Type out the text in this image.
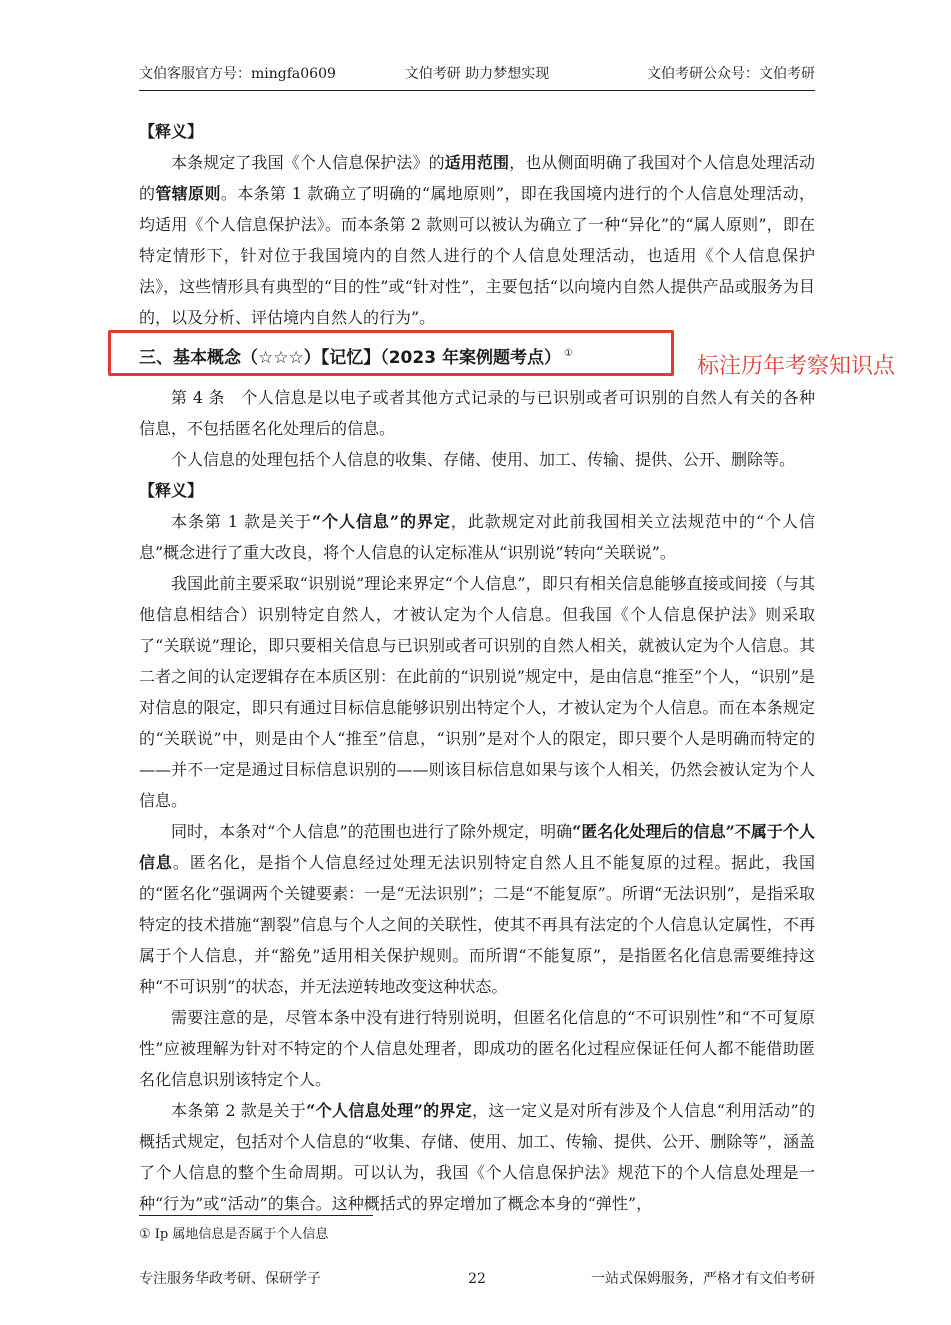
文伯客服官方号：mingfa0609	文伯考研 助力梦想实现	文伯考研公众号：文伯考研

【释义】

本条规定了我国《个人信息保护法》的适用范围，也从侧面明确了我国对个人信息处理活动的管辖原则。本条第 1 款确立了明确的“属地原则”，即在我国境内进行的个人信息处理活动，均适用《个人信息保护法》。而本条第 2 款则可以被认为确立了一种“异化”的“属人原则”，即在特定情形下，针对位于我国境内的自然人进行的个人信息处理活动，也适用《个人信息保护法》，这些情形具有典型的“目的性”或“针对性”，主要包括“以向境内自然人提供产品或服务为目的，以及分析、评估境内自然人的行为”。

三、基本概念（☆☆☆）【记忆】（2023 年案例题考点） ①
标注历年考察知识点

第 4 条　个人信息是以电子或者其他方式记录的与已识别或者可识别的自然人有关的各种信息，不包括匿名化处理后的信息。

个人信息的处理包括个人信息的收集、存储、使用、加工、传输、提供、公开、删除等。

【释义】

本条第 1 款是关于“个人信息”的界定，此款规定对此前我国相关立法规范中的“个人信息”概念进行了重大改良，将个人信息的认定标准从“识别说”转向“关联说”。

我国此前主要采取“识别说”理论来界定“个人信息”，即只有相关信息能够直接或间接（与其他信息相结合）识别特定自然人，才被认定为个人信息。但我国《个人信息保护法》则采取了“关联说”理论，即只要相关信息与已识别或者可识别的自然人相关，就被认定为个人信息。其二者之间的认定逻辑存在本质区别：在此前的“识别说”规定中，是由信息“推至”个人，“识别”是对信息的限定，即只有通过目标信息能够识别出特定个人，才被认定为个人信息。而在本条规定的“关联说”中，则是由个人“推至”信息，“识别”是对个人的限定，即只要个人是明确而特定的——并不一定是通过目标信息识别的——则该目标信息如果与该个人相关，仍然会被认定为个人信息。

同时，本条对“个人信息”的范围也进行了除外规定，明确“匿名化处理后的信息”不属于个人信息。匿名化，是指个人信息经过处理无法识别特定自然人且不能复原的过程。据此，我国的“匿名化”强调两个关键要素：一是“无法识别”；二是“不能复原”。所谓“无法识别”，是指采取特定的技术措施“割裂”信息与个人之间的关联性，使其不再具有法定的个人信息认定属性，不再属于个人信息，并“豁免”适用相关保护规则。而所谓“不能复原”，是指匿名化信息需要维持这种“不可识别”的状态，并无法逆转地改变这种状态。

需要注意的是，尽管本条中没有进行特别说明，但匿名化信息的“不可识别性”和“不可复原性”应被理解为针对不特定的个人信息处理者，即成功的匿名化过程应保证任何人都不能借助匿名化信息识别该特定个人。

本条第 2 款是关于“个人信息处理”的界定，这一定义是对所有涉及个人信息“利用活动”的概括式规定，包括对个人信息的“收集、存储、使用、加工、传输、提供、公开、删除等”，涵盖了个人信息的整个生命周期。可以认为，我国《个人信息保护法》规范下的个人信息处理是一种“行为”或“活动”的集合。这种概括式的界定增加了概念本身的“弹性”，

① Ip 属地信息是否属于个人信息
专注服务华政考研、保研学子	22	一站式保姆服务，严格才有文伯考研
